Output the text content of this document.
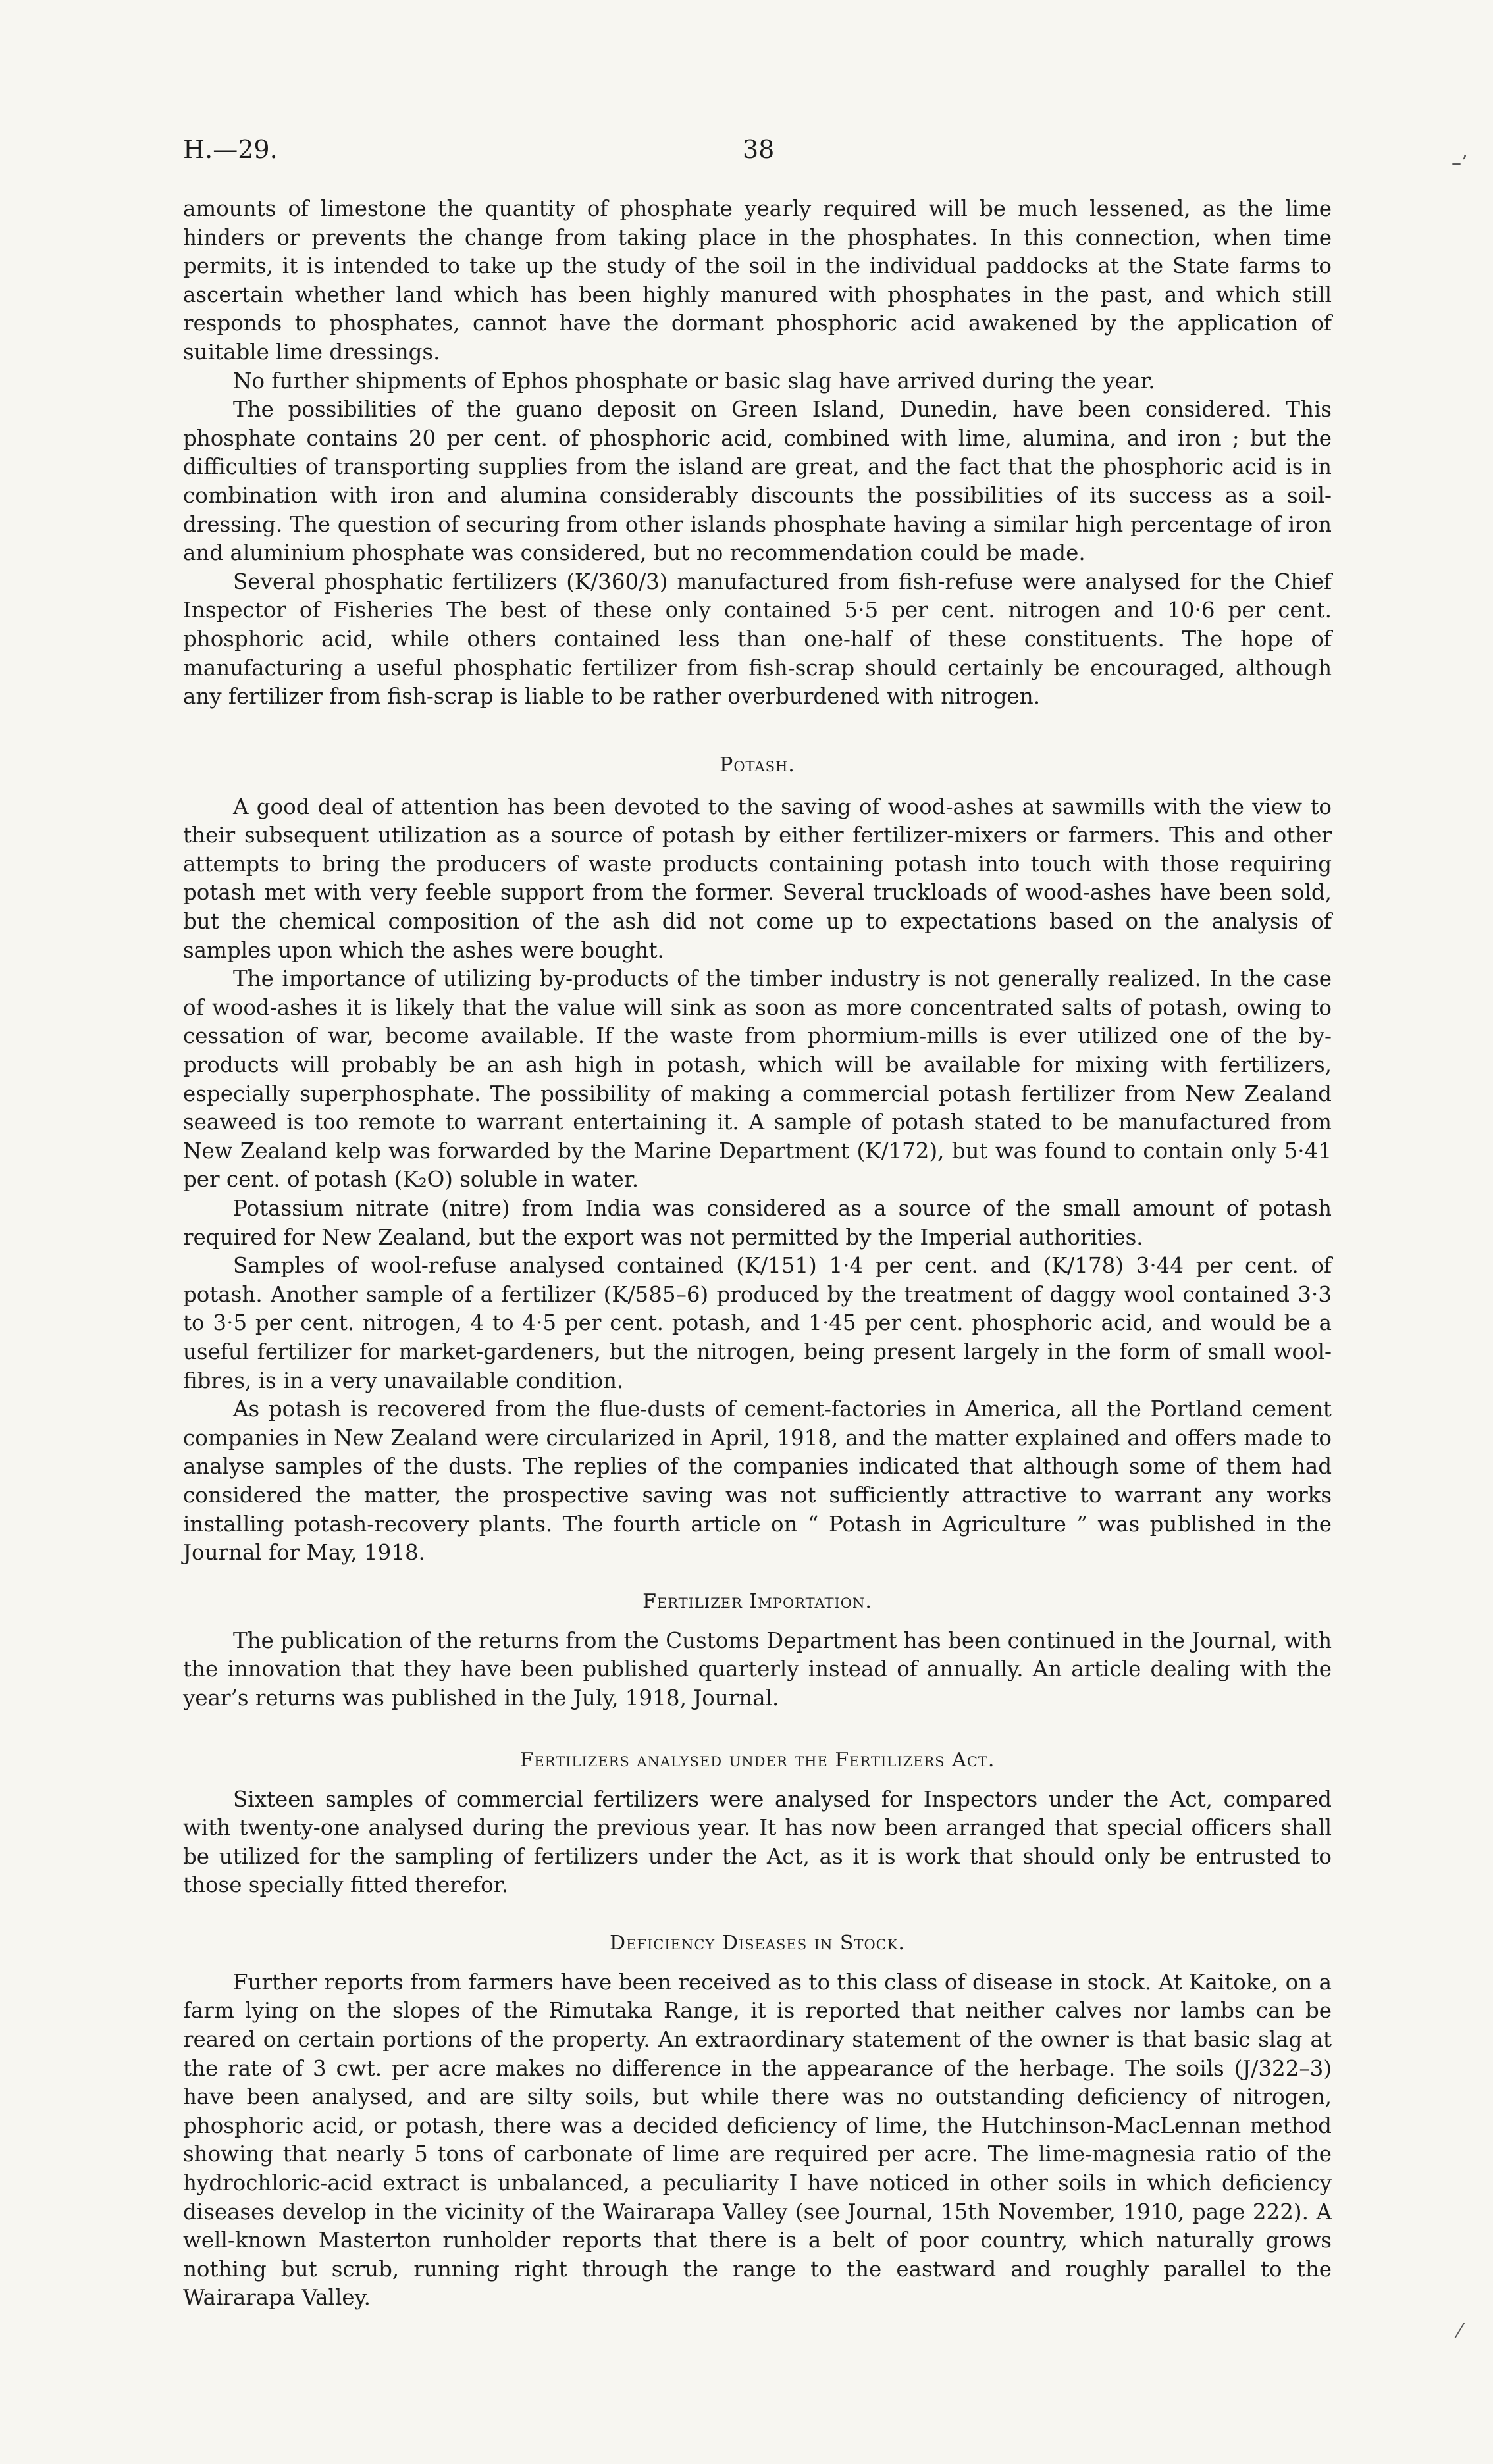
H.—29.	38	–’
⁄

amounts of limestone the quantity of phosphate yearly required will be much lessened, as the lime hinders or prevents the change from taking place in the phosphates. In this connection, when time permits, it is intended to take up the study of the soil in the individual paddocks at the State farms to ascertain whether land which has been highly manured with phosphates in the past, and which still responds to phosphates, cannot have the dormant phosphoric acid awakened by the application of suitable lime dressings.

No further shipments of Ephos phosphate or basic slag have arrived during the year.

The possibilities of the guano deposit on Green Island, Dunedin, have been considered. This phosphate contains 20 per cent. of phosphoric acid, combined with lime, alumina, and iron ; but the difficulties of transporting supplies from the island are great, and the fact that the phosphoric acid is in combination with iron and alumina considerably discounts the possibilities of its success as a soil-dressing. The question of securing from other islands phosphate having a similar high percentage of iron and aluminium phosphate was considered, but no recommendation could be made.

Several phosphatic fertilizers (K/360/3) manufactured from fish-refuse were analysed for the Chief Inspector of Fisheries The best of these only contained 5·5 per cent. nitrogen and 10·6 per cent. phosphoric acid, while others contained less than one-half of these constituents. The hope of manufacturing a useful phosphatic fertilizer from fish-scrap should certainly be encouraged, although any fertilizer from fish-scrap is liable to be rather overburdened with nitrogen.

Potash.

A good deal of attention has been devoted to the saving of wood-ashes at sawmills with the view to their subsequent utilization as a source of potash by either fertilizer-mixers or farmers. This and other attempts to bring the producers of waste products containing potash into touch with those requiring potash met with very feeble support from the former. Several truckloads of wood-ashes have been sold, but the chemical composition of the ash did not come up to expectations based on the analysis of samples upon which the ashes were bought.

The importance of utilizing by-products of the timber industry is not generally realized. In the case of wood-ashes it is likely that the value will sink as soon as more concentrated salts of potash, owing to cessation of war, become available. If the waste from phormium-mills is ever utilized one of the by-products will probably be an ash high in potash, which will be available for mixing with fertilizers, especially superphosphate. The possibility of making a commercial potash fertilizer from New Zealand seaweed is too remote to warrant entertaining it. A sample of potash stated to be manufactured from New Zealand kelp was forwarded by the Marine Department (K/172), but was found to contain only 5·41 per cent. of potash (K₂O) soluble in water.

Potassium nitrate (nitre) from India was considered as a source of the small amount of potash required for New Zealand, but the export was not permitted by the Imperial authorities.

Samples of wool-refuse analysed contained (K/151) 1·4 per cent. and (K/178) 3·44 per cent. of potash. Another sample of a fertilizer (K/585–6) produced by the treatment of daggy wool contained 3·3 to 3·5 per cent. nitrogen, 4 to 4·5 per cent. potash, and 1·45 per cent. phosphoric acid, and would be a useful fertilizer for market-gardeners, but the nitrogen, being present largely in the form of small wool-fibres, is in a very unavailable condition.

As potash is recovered from the flue-dusts of cement-factories in America, all the Portland cement companies in New Zealand were circularized in April, 1918, and the matter explained and offers made to analyse samples of the dusts. The replies of the companies indicated that although some of them had considered the matter, the prospective saving was not sufficiently attractive to warrant any works installing potash-recovery plants. The fourth article on “ Potash in Agriculture ” was published in the Journal for May, 1918.

Fertilizer Importation.

The publication of the returns from the Customs Department has been continued in the Journal, with the innovation that they have been published quarterly instead of annually. An article dealing with the year’s returns was published in the July, 1918, Journal.

Fertilizers analysed under the Fertilizers Act.

Sixteen samples of commercial fertilizers were analysed for Inspectors under the Act, compared with twenty-one analysed during the previous year. It has now been arranged that special officers shall be utilized for the sampling of fertilizers under the Act, as it is work that should only be entrusted to those specially fitted therefor.

Deficiency Diseases in Stock.

Further reports from farmers have been received as to this class of disease in stock. At Kaitoke, on a farm lying on the slopes of the Rimutaka Range, it is reported that neither calves nor lambs can be reared on certain portions of the property. An extraordinary statement of the owner is that basic slag at the rate of 3 cwt. per acre makes no difference in the appearance of the herbage. The soils (J/322–3) have been analysed, and are silty soils, but while there was no outstanding deficiency of nitrogen, phosphoric acid, or potash, there was a decided deficiency of lime, the Hutchinson-MacLennan method showing that nearly 5 tons of carbonate of lime are required per acre. The lime-magnesia ratio of the hydrochloric-acid extract is unbalanced, a peculiarity I have noticed in other soils in which deficiency diseases develop in the vicinity of the Wairarapa Valley (see Journal, 15th November, 1910, page 222). A well-known Masterton runholder reports that there is a belt of poor country, which naturally grows nothing but scrub, running right through the range to the eastward and roughly parallel to the Wairarapa Valley.
